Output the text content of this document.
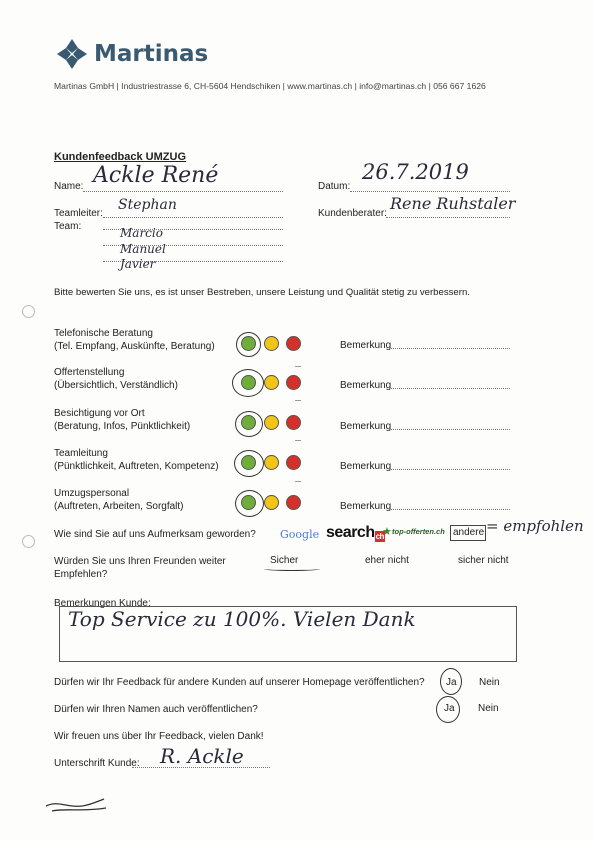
Martinas
Martinas GmbH | Industriestrasse 6, CH-5604 Hendschiken | www.martinas.ch | info@martinas.ch | 056 667 1626
Kundenfeedback UMZUG
Name: Ackle René	Datum:
26.7.2019
Teamleiter:
Stephan
Kundenberater:
Rene Ruhstaler
Team:	Marcio
Manuel
Javier
Bitte bewerten Sie uns, es ist unser Bestreben, unsere Leistung und Qualität stetig zu verbessern.
Telefonische Beratung
(Tel. Empfang, Auskünfte, Beratung)	Bemerkung
Offertenstellung
(Übersichtlich, Verständlich)	Bemerkung
Besichtigung vor Ort
(Beratung, Infos, Pünktlichkeit)	Bemerkung
Teamleitung
(Pünktlichkeit, Auftreten, Kompetenz)	Bemerkung
Umzugspersonal
(Auftreten, Arbeiten, Sorgfalt)	Bemerkung
Wie sind Sie auf uns Aufmerksam geworden? Google searchch
★ top-offerten.ch andere = empfohlen
Würden Sie uns Ihren Freunden weiter
Empfehlen?
Sicher	eher nicht	sicher nicht
Bemerkungen Kunde:
Top Service zu 100%. Vielen Dank
Dürfen wir Ihr Feedback für andere Kunden auf unserer Homepage veröffentlichen? Ja Nein
Dürfen wir Ihren Namen auch veröffentlichen?	Ja Nein
Wir freuen uns über Ihr Feedback, vielen Dank!
Unterschrift Kunde: R. Ackle
